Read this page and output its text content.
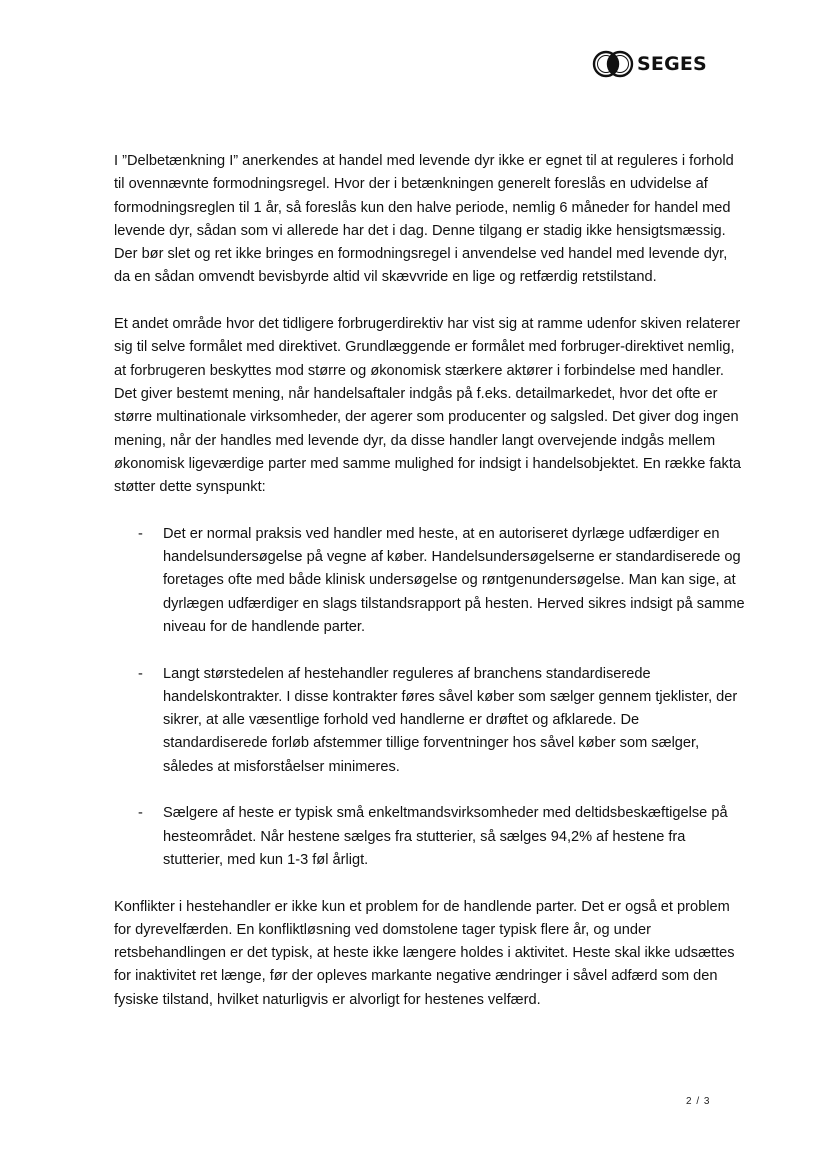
SEGES

I ”Delbetænkning I” anerkendes at handel med levende dyr ikke er egnet til at reguleres i forhold til ovennævnte formodningsregel. Hvor der i betænkningen generelt foreslås en udvidelse af formodningsreglen til 1 år, så foreslås kun den halve periode, nemlig 6 måneder for handel med levende dyr, sådan som vi allerede har det i dag. Denne tilgang er stadig ikke hensigtsmæssig. Der bør slet og ret ikke bringes en formodningsregel i anvendelse ved handel med levende dyr, da en sådan omvendt bevisbyrde altid vil skævvride en lige og retfærdig retstilstand.

Et andet område hvor det tidligere forbrugerdirektiv har vist sig at ramme udenfor skiven relaterer sig til selve formålet med direktivet. Grundlæggende er formålet med forbruger-direktivet nemlig, at forbrugeren beskyttes mod større og økonomisk stærkere aktører i forbindelse med handler. Det giver bestemt mening, når handelsaftaler indgås på f.eks. detailmarkedet, hvor det ofte er større multinationale virksomheder, der agerer som producenter og salgsled. Det giver dog ingen mening, når der handles med levende dyr, da disse handler langt overvejende indgås mellem økonomisk ligeværdige parter med samme mulighed for indsigt i handelsobjektet. En række fakta støtter dette synspunkt:

- Det er normal praksis ved handler med heste, at en autoriseret dyrlæge udfærdiger en handelsundersøgelse på vegne af køber. Handelsundersøgelserne er standardiserede og foretages ofte med både klinisk undersøgelse og røntgenundersøgelse. Man kan sige, at dyrlægen udfærdiger en slags tilstandsrapport på hesten. Herved sikres indsigt på samme niveau for de handlende parter.
- Langt størstedelen af hestehandler reguleres af branchens standardiserede handelskontrakter. I disse kontrakter føres såvel køber som sælger gennem tjeklister, der sikrer, at alle væsentlige forhold ved handlerne er drøftet og afklarede. De standardiserede forløb afstemmer tillige forventninger hos såvel køber som sælger, således at misforståelser minimeres.
- Sælgere af heste er typisk små enkeltmandsvirksomheder med deltidsbeskæftigelse på hesteområdet. Når hestene sælges fra stutterier, så sælges 94,2% af hestene fra stutterier, med kun 1-3 føl årligt.

Konflikter i hestehandler er ikke kun et problem for de handlende parter. Det er også et problem for dyrevelfærden. En konfliktløsning ved domstolene tager typisk flere år, og under retsbehandlingen er det typisk, at heste ikke længere holdes i aktivitet. Heste skal ikke udsættes for inaktivitet ret længe, før der opleves markante negative ændringer i såvel adfærd som den fysiske tilstand, hvilket naturligvis er alvorligt for hestenes velfærd.

2 / 3
